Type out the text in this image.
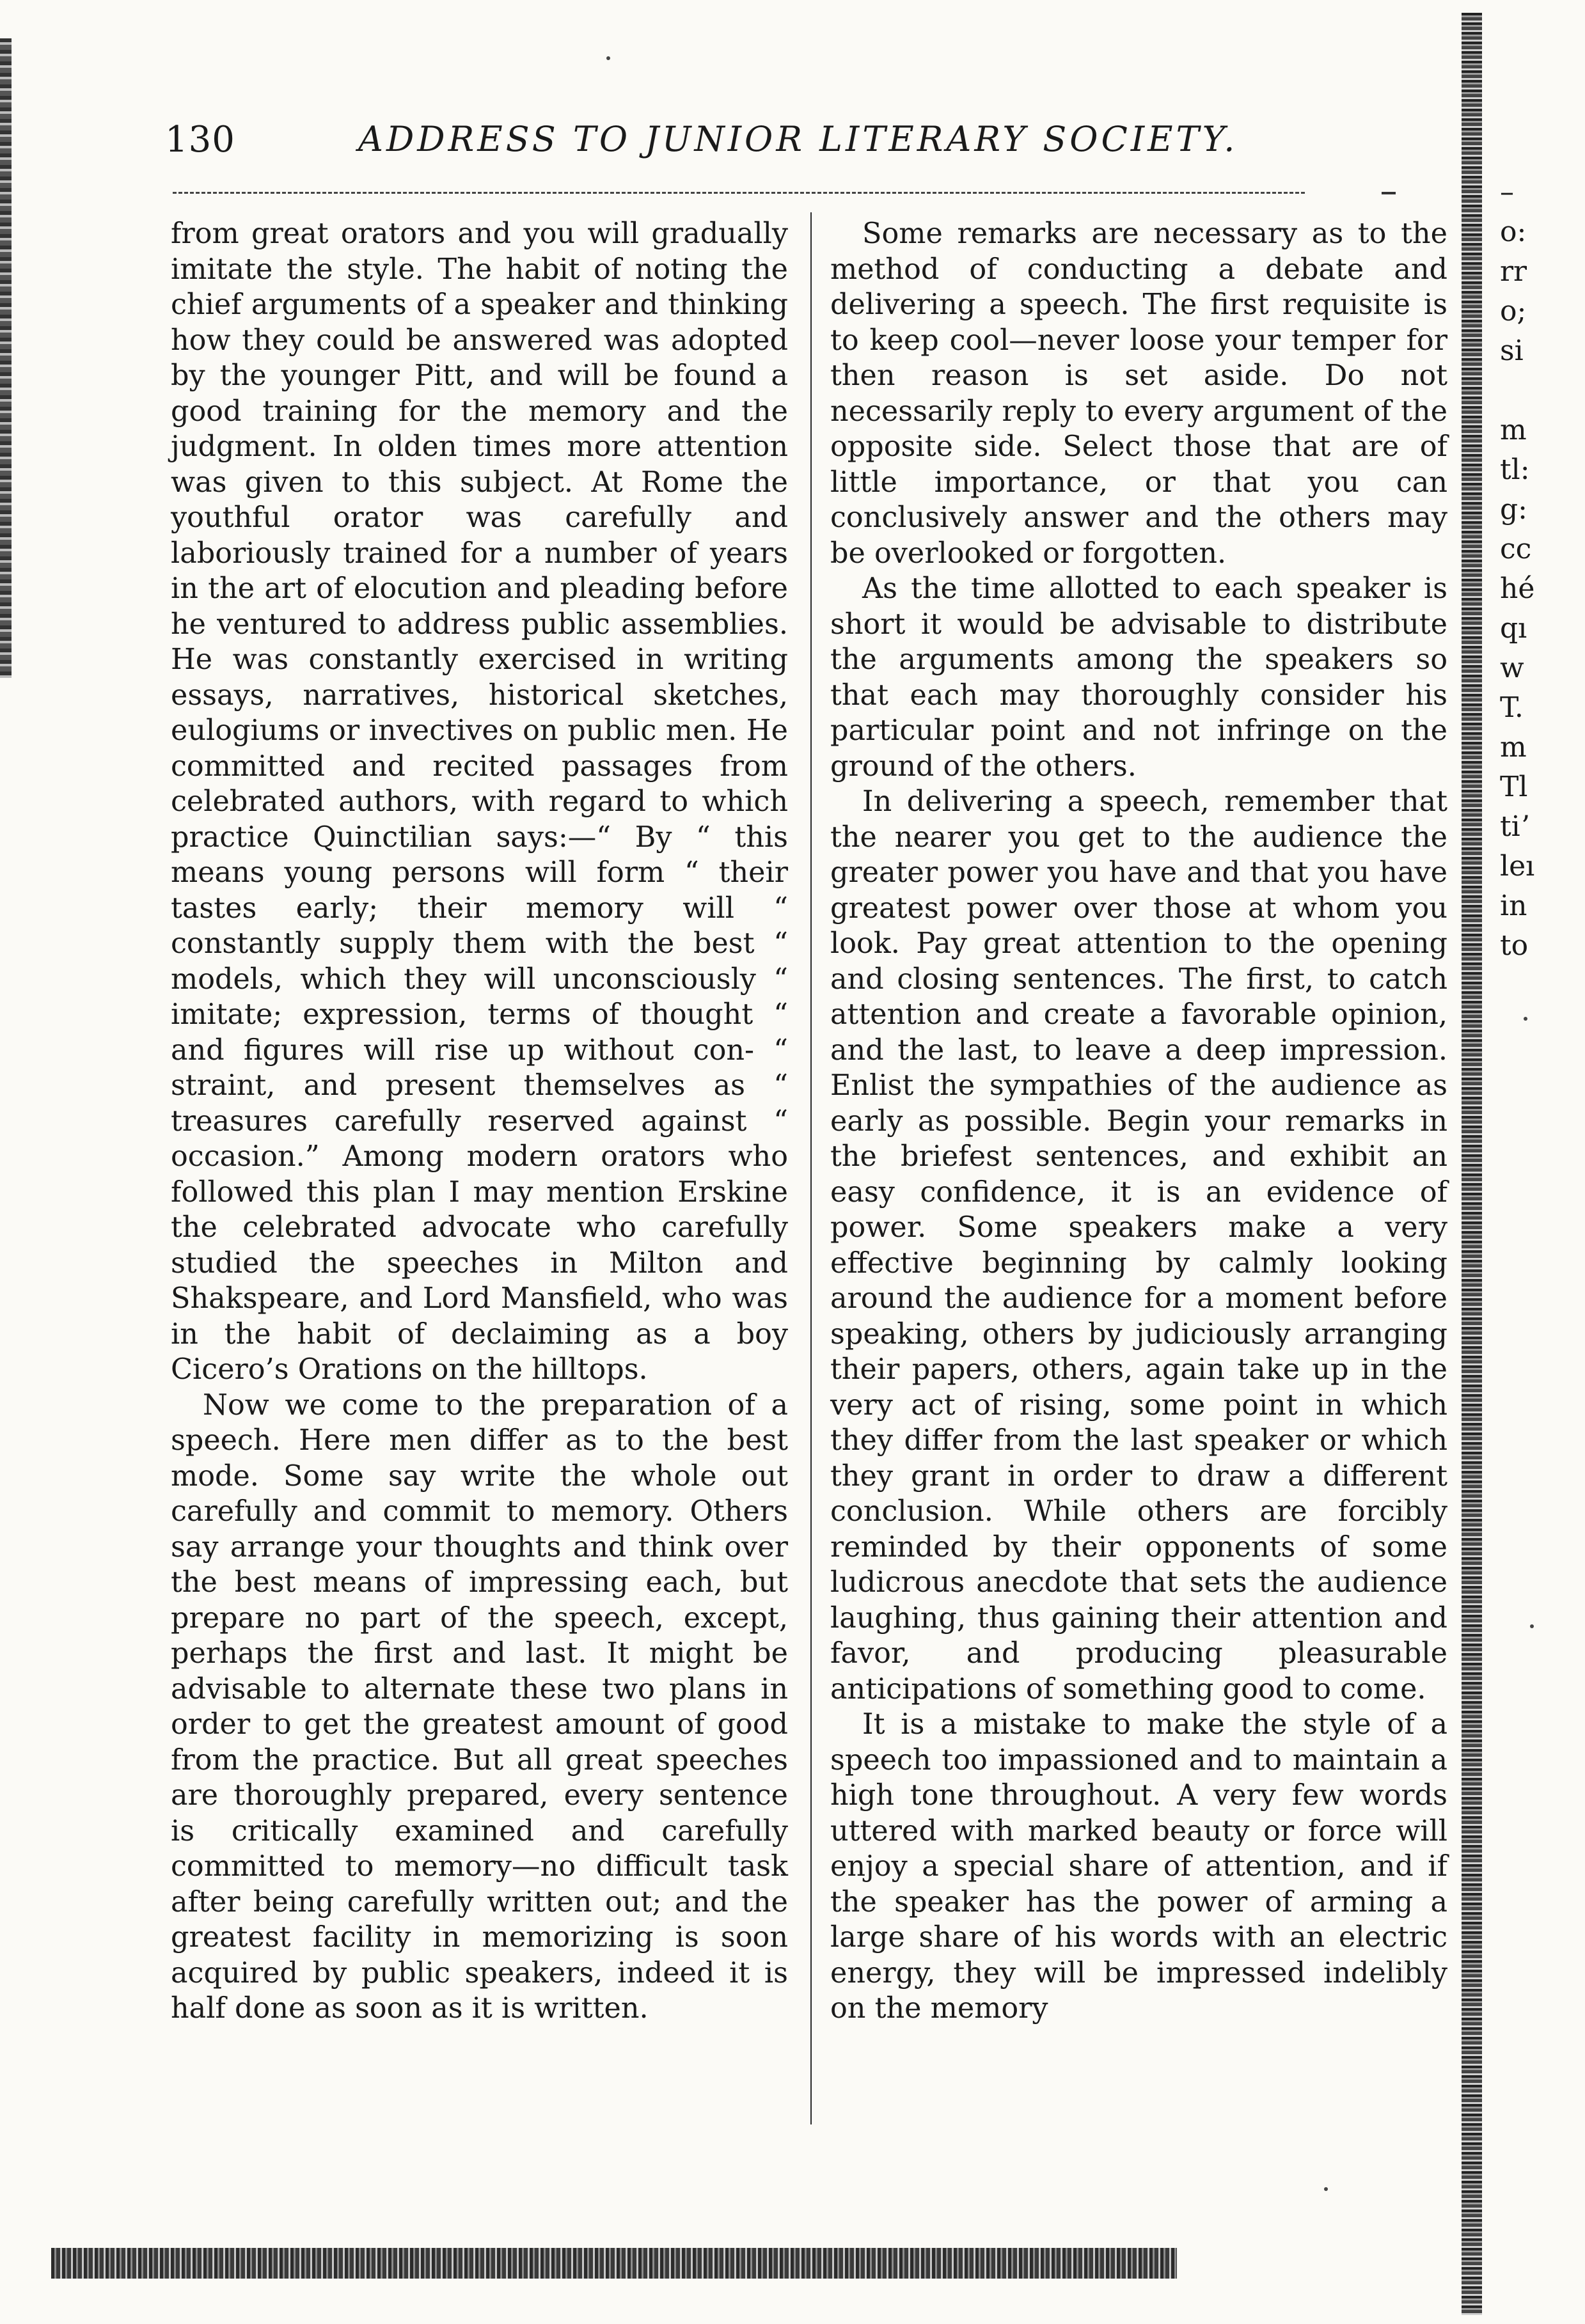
130	ADDRESS TO JUNIOR LITERARY SOCIETY.

from great orators and you will gradually imitate the style. The habit of noting the chief arguments of a speaker and thinking how they could be answered was adopted by the younger Pitt, and will be found a good training for the memory and the judgment. In olden times more attention was given to this subject. At Rome the youthful orator was carefully and laboriously trained for a number of years in the art of elocution and pleading before he ventured to address public assemblies. He was constantly exercised in writing essays, narratives, historical sketches, eulogiums or invectives on public men. He committed and recited passages from celebrated authors, with regard to which practice Quinctilian says:—“ By “ this means young persons will form “ their tastes early; their memory will “ constantly supply them with the best “ models, which they will unconsciously “ imitate; expression, terms of thought “ and figures will rise up without con- “ straint, and present themselves as “ treasures carefully reserved against “ occasion.” Among modern orators who followed this plan I may mention Erskine the celebrated advocate who carefully studied the speeches in Milton and Shakspeare, and Lord Mansfield, who was in the habit of declaiming as a boy Cicero’s Orations on the hilltops.

Now we come to the preparation of a speech. Here men differ as to the best mode. Some say write the whole out carefully and commit to memory. Others say arrange your thoughts and think over the best means of impressing each, but prepare no part of the speech, except, perhaps the first and last. It might be advisable to alternate these two plans in order to get the greatest amount of good from the practice. But all great speeches are thoroughly prepared, every sentence is critically examined and carefully committed to memory—no difficult task after being carefully written out; and the greatest facility in memorizing is soon acquired by public speakers, indeed it is half done as soon as it is written.

Some remarks are necessary as to the method of conducting a debate and delivering a speech. The first requisite is to keep cool—never loose your temper for then reason is set aside. Do not necessarily reply to every argument of the opposite side. Select those that are of little importance, or that you can conclusively answer and the others may be overlooked or forgotten.

As the time allotted to each speaker is short it would be advisable to distribute the arguments among the speakers so that each may thoroughly consider his particular point and not infringe on the ground of the others.

In delivering a speech, remember that the nearer you get to the audience the greater power you have and that you have greatest power over those at whom you look. Pay great attention to the opening and closing sentences. The first, to catch attention and create a favorable opinion, and the last, to leave a deep impression. Enlist the sympathies of the audience as early as possible. Begin your remarks in the briefest sentences, and exhibit an easy confidence, it is an evidence of power. Some speakers make a very effective beginning by calmly looking around the audience for a moment before speaking, others by judiciously arranging their papers, others, again take up in the very act of rising, some point in which they differ from the last speaker or which they grant in order to draw a different conclusion. While others are forcibly reminded by their opponents of some ludicrous anecdote that sets the audience laughing, thus gaining their attention and favor, and producing pleasurable anticipations of something good to come.

It is a mistake to make the style of a speech too impassioned and to maintain a high tone throughout. A very few words uttered with marked beauty or force will enjoy a special share of attention, and if the speaker has the power of arming a large share of his words with an electric energy, they will be impressed indelibly on the memory

–
o:
rr
o;
si
m
tl:
g:
cc
hé
qı
w
T.
m
Tl
tiʼ
leı
in
to
